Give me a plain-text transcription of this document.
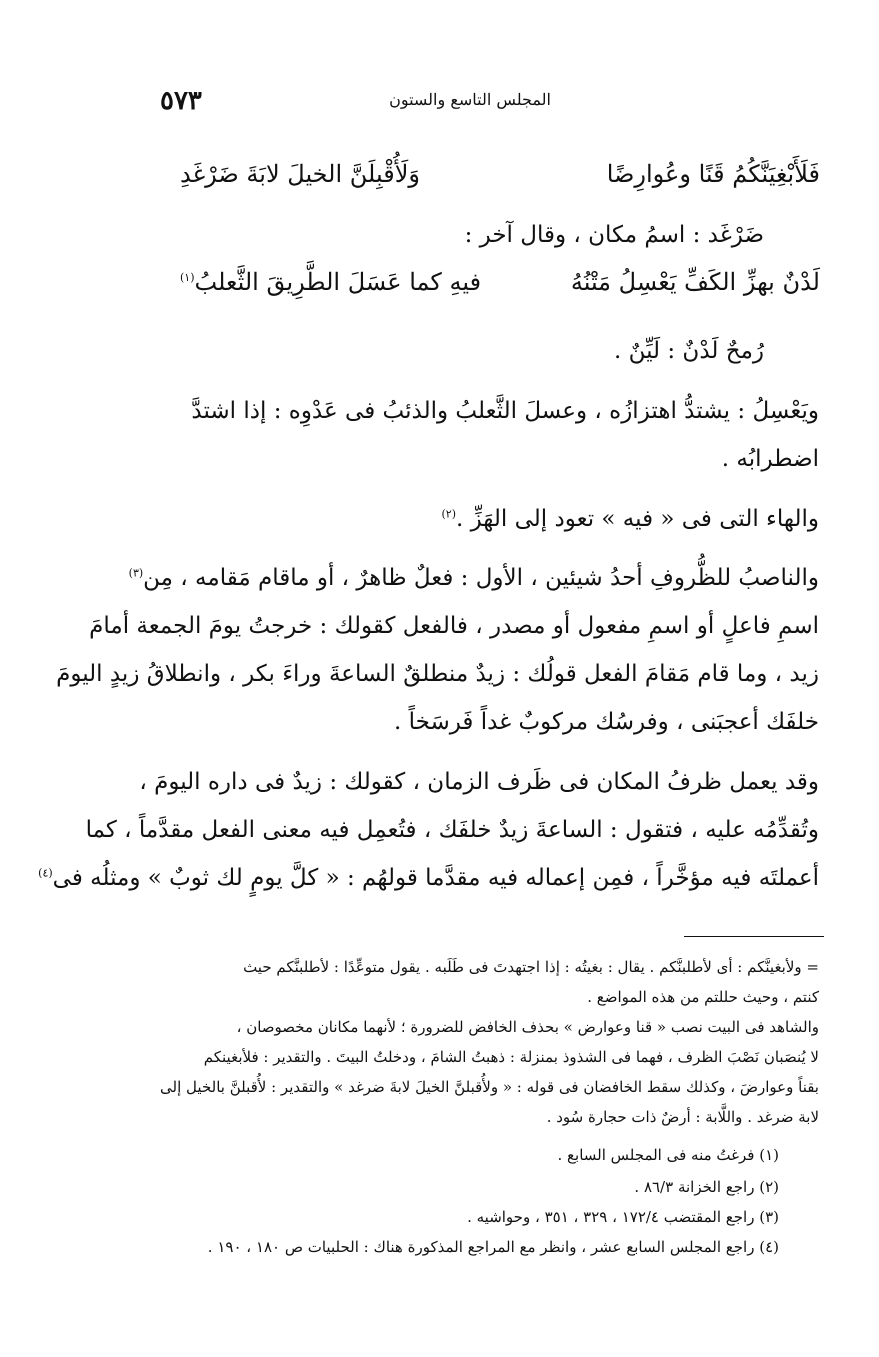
٥٧٣	المجلس التاسع والستون
فَلَأَبْغِيَنَّكُمُ قَنًا وعُوارِضًا
وَلَأُقْبِلَنَّ الخيلَ لابَةَ ضَرْغَدِ
ضَرْغَد : اسمُ مكان ، وقال آخر :
لَدْنٌ بهزِّ الكَفِّ يَعْسِلُ مَتْنُهُ
فيهِ كما عَسَلَ الطَّرِيقَ الثَّعلبُ$^{(١)}$
رُمحٌ لَدْنٌ : لَيِّنٌ .
ويَعْسِلُ : يشتدُّ اهتزازُه ، وعسلَ الثَّعلبُ والذئبُ فى عَدْوِه : إذا اشتدَّ
اضطرابُه .
والهاء التى فى « فيه » تعود إلى الهَزِّ .$^{(٢)}$
والناصبُ للظُّروفِ أحدُ شيئين ، الأول : فعلٌ ظاهرٌ ، أو ماقام مَقامه ، مِن$^{(٣)}$
اسمِ فاعلٍ أو اسمِ مفعول أو مصدر ، فالفعل كقولك : خرجتُ يومَ الجمعة أمامَ
زيد ، وما قام مَقامَ الفعل قولُك : زيدٌ منطلقٌ الساعةَ وراءَ بكر ، وانطلاقُ زيدٍ اليومَ
خلفَك أعجبَنى ، وفرسُك مركوبٌ غداً فَرسَخاً .
وقد يعمل ظرفُ المكان فى ظَرف الزمان ، كقولك : زيدٌ فى داره اليومَ ،
وتُقدِّمُه عليه ، فتقول : الساعةَ زيدٌ خلفَك ، فتُعمِل فيه معنى الفعل مقدَّماً ، كما
أعملتَه فيه مؤخَّراً ، فمِن إعماله فيه مقدَّما قولهُم : « كلَّ يومٍ لك ثوبٌ » ومثلُه فى$^{(٤)}$
= ولأبغينَّكم : أى لأطلبنَّكم . يقال : بغيتُه : إذا اجتهدتَ فى طَلَبه . يقول متوعِّدًا : لأطلبنَّكم حيث
كنتم ، وحيث حللتم من هذه المواضع .
والشاهد فى البيت نصب « قنا وعوارض » بحذف الخافض للضرورة ؛ لأنهما مكانان مخصوصان ،
لا يُنصَبان نَصْبَ الظرف ، فهما فى الشذوذ بمنزلة : ذهبتُ الشامَ ، ودخلتُ البيتَ . والتقدير : فلأبغينكم
بقناً وعوارضَ ، وكذلك سقط الخافضان فى قوله : « ولأُقبلنَّ الخيلَ لابةَ ضرغد » والتقدير : لأُقبلنَّ بالخيل إلى
لابة ضرغد . واللَّابة : أرضٌ ذات حجارة سُود .
(١) فرغتُ منه فى المجلس السابع .
(٢) راجع الخزانة ٨٦/٣ .
(٣) راجع المقتضب ١٧٢/٤ ، ٣٢٩ ، ٣٥١ ، وحواشيه .
(٤) راجع المجلس السابع عشر ، وانظر مع المراجع المذكورة هناك : الحلبيات ص ١٨٠ ، ١٩٠ .
